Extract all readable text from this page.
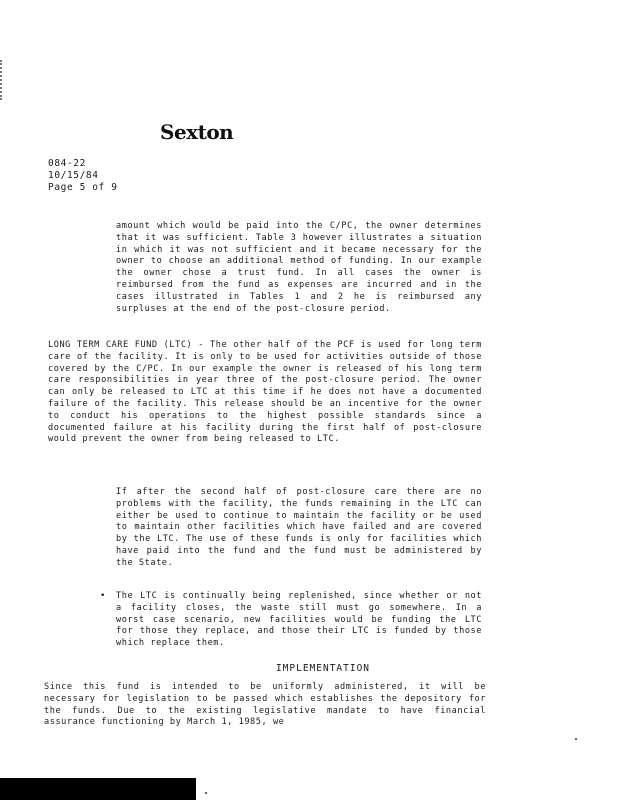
Sexton
084-22
10/15/84
Page 5 of 9
amount which would be paid into the C/PC, the owner determines that it was sufficient. Table 3 however illustrates a situation in which it was not sufficient and it became necessary for the owner to choose an additional method of funding. In our example the owner chose a trust fund. In all cases the owner is reimbursed from the fund as expenses are incurred and in the cases illustrated in Tables 1 and 2 he is reimbursed any surpluses at the end of the post-closure period.
LONG TERM CARE FUND (LTC) - The other half of the PCF is used for long term care of the facility. It is only to be used for activities outside of those covered by the C/PC. In our example the owner is released of his long term care responsibilities in year three of the post-closure period. The owner can only be released to LTC at this time if he does not have a documented failure of the facility. This release should be an incentive for the owner to conduct his operations to the highest possible standards since a documented failure at his facility during the first half of post-closure would prevent the owner from being released to LTC.
If after the second half of post-closure care there are no problems with the facility, the funds remaining in the LTC can either be used to continue to maintain the facility or be used to maintain other facilities which have failed and are covered by the LTC. The use of these funds is only for facilities which have paid into the fund and the fund must be administered by the State.
• The LTC is continually being replenished, since whether or not a facility closes, the waste still must go somewhere. In a worst case scenario, new facilities would be funding the LTC for those they replace, and those their LTC is funded by those which replace them.
IMPLEMENTATION
Since this fund is intended to be uniformly administered, it will be necessary for legislation to be passed which establishes the depository for the funds. Due to the existing legislative mandate to have financial assurance functioning by March 1, 1985, we
